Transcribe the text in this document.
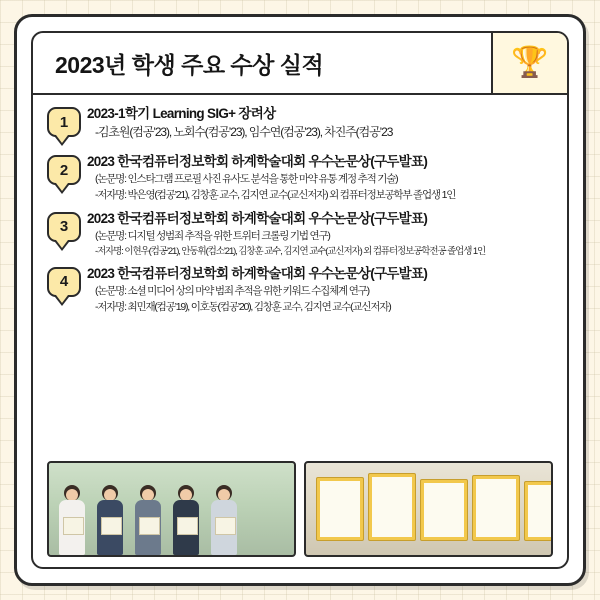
2023년 학생 주요 수상 실적	🏆
1	2023-1학기 Learning SIG+ 장려상
-김초원(컴공’23), 노회수(컴공’23), 임수연(컴공’23), 차진주(컴공’23
2	2023 한국컴퓨터정보학회 하계학술대회 우수논문상(구두발표)
(논문명: 인스타그램 프로필 사진 유사도 분석을 통한 마약 유통 계정 추적 기술)
-저자명: 박은영(컴공’21), 김창훈 교수, 김지연 교수(교신저자) 외 컴퓨터정보공학부 졸업생 1인
3	2023 한국컴퓨터정보학회 하계학술대회 우수논문상(구두발표)
(논문명: 디지털 성범죄 추적을 위한 트위터 크롤링 기법 연구)
-저자명: 이현우(컴공’21), 안동휘(컴소’21), 김창훈 교수, 김지연 교수(교신저자) 외 컴퓨터정보공학전공 졸업생 1인
4	2023 한국컴퓨터정보학회 하계학술대회 우수논문상(구두발표)
(논문명: 소셜 미디어 상의 마약 범죄 추적을 위한 키워드 수집체계 연구)
-저자명: 최민재(컴공’19), 이호동(컴공’20), 김창훈 교수, 김지연 교수(교신저자)
